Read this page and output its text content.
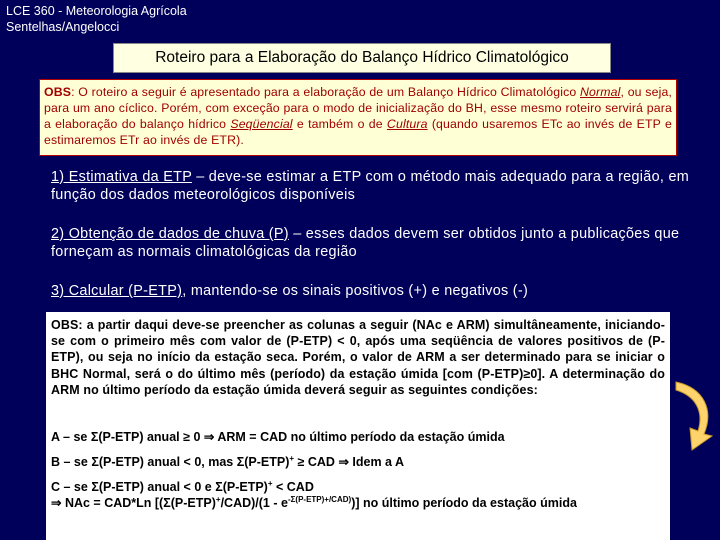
LCE 360 - Meteorologia Agrícola
Sentelhas/Angelocci
Roteiro para a Elaboração do Balanço Hídrico Climatológico
OBS: O roteiro a seguir é apresentado para a elaboração de um Balanço Hídrico Climatológico Normal, ou seja, para um ano cíclico. Porém, com exceção para o modo de inicialização do BH, esse mesmo roteiro servirá para a elaboração do balanço hídrico Seqüencial e também o de Cultura (quando usaremos ETc ao invés de ETP e estimaremos ETr ao invés de ETR).
1) Estimativa da ETP – deve-se estimar a ETP com o método mais adequado para a região, em função dos dados meteorológicos disponíveis
2) Obtenção de dados de chuva (P) – esses dados devem ser obtidos junto a publicações que forneçam as normais climatológicas da região
3) Calcular (P-ETP), mantendo-se os sinais positivos (+) e negativos (-)
OBS: a partir daqui deve-se preencher as colunas a seguir (NAc e ARM) simultâneamente, iniciando-se com o primeiro mês com valor de (P-ETP) < 0, após uma seqüência de valores positivos de (P-ETP), ou seja no início da estação seca. Porém, o valor de ARM a ser determinado para se iniciar o BHC Normal, será o do último mês (período) da estação úmida [com (P-ETP)≥0]. A determinação do ARM no último período da estação úmida deverá seguir as seguintes condições:
A – se Σ(P-ETP) anual ≥ 0 ⇒ ARM = CAD no último período da estação úmida
B – se Σ(P-ETP) anual < 0, mas Σ(P-ETP)+ ≥ CAD ⇒ Idem a A
C – se Σ(P-ETP) anual < 0 e Σ(P-ETP)+ < CAD
⇒ NAc = CAD*Ln $[(\Sigma(P-ETP)^+/CAD)/(1 - e^{-\Sigma(P-ETP)+/CAD)})]$ no último período da estação úmida
